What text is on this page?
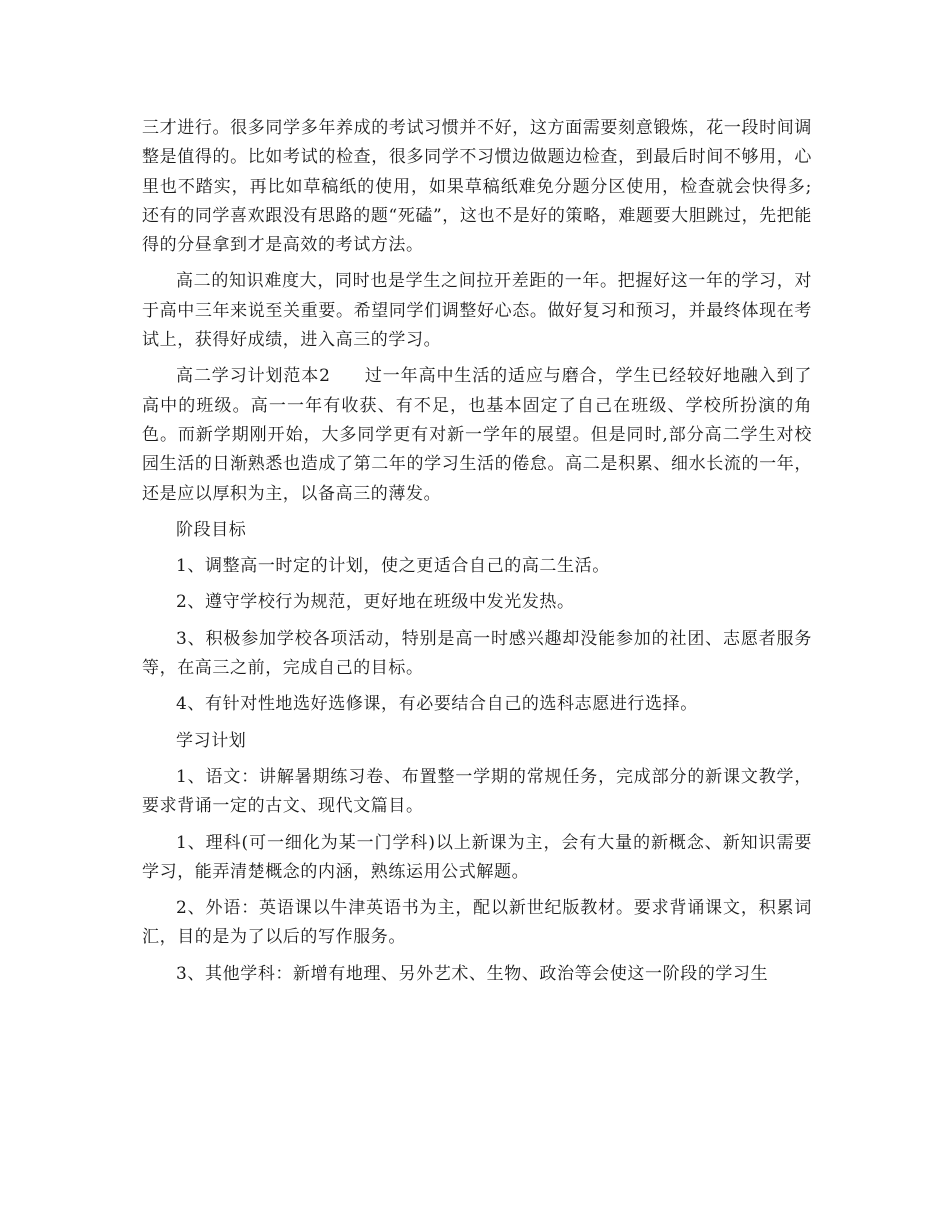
三才进行。很多同学多年养成的考试习惯并不好，这方面需要刻意锻炼，花一段时间调整是值得的。比如考试的检查，很多同学不习惯边做题边检查，到最后时间不够用，心里也不踏实，再比如草稿纸的使用，如果草稿纸难免分题分区使用，检查就会快得多;还有的同学喜欢跟没有思路的题“死磕”，这也不是好的策略，难题要大胆跳过，先把能得的分昼拿到才是高效的考试方法。

高二的知识难度大，同时也是学生之间拉开差距的一年。把握好这一年的学习，对于高中三年来说至关重要。希望同学们调整好心态。做好复习和预习，并最终体现在考试上，获得好成绩，进入高三的学习。

高二学习计划范本2 过一年高中生活的适应与磨合，学生已经较好地融入到了高中的班级。高一一年有收获、有不足，也基本固定了自己在班级、学校所扮演的角色。而新学期刚开始，大多同学更有对新一学年的展望。但是同时,部分高二学生对校园生活的日渐熟悉也造成了第二年的学习生活的倦怠。高二是积累、细水长流的一年，还是应以厚积为主，以备高三的薄发。

阶段目标

1、调整高一时定的计划，使之更适合自己的高二生活。

2、遵守学校行为规范，更好地在班级中发光发热。

3、积极参加学校各项活动，特别是高一时感兴趣却没能参加的社团、志愿者服务等，在高三之前，完成自己的目标。

4、有针对性地选好选修课，有必要结合自己的选科志愿进行选择。

学习计划

1、语文：讲解暑期练习卷、布置整一学期的常规任务，完成部分的新课文教学，要求背诵一定的古文、现代文篇目。

1、理科(可一细化为某一门学科)以上新课为主，会有大量的新概念、新知识需要学习，能弄清楚概念的内涵，熟练运用公式解题。

2、外语：英语课以牛津英语书为主，配以新世纪版教材。要求背诵课文，积累词汇，目的是为了以后的写作服务。

3、其他学科：新增有地理、另外艺术、生物、政治等会使这一阶段的学习生
